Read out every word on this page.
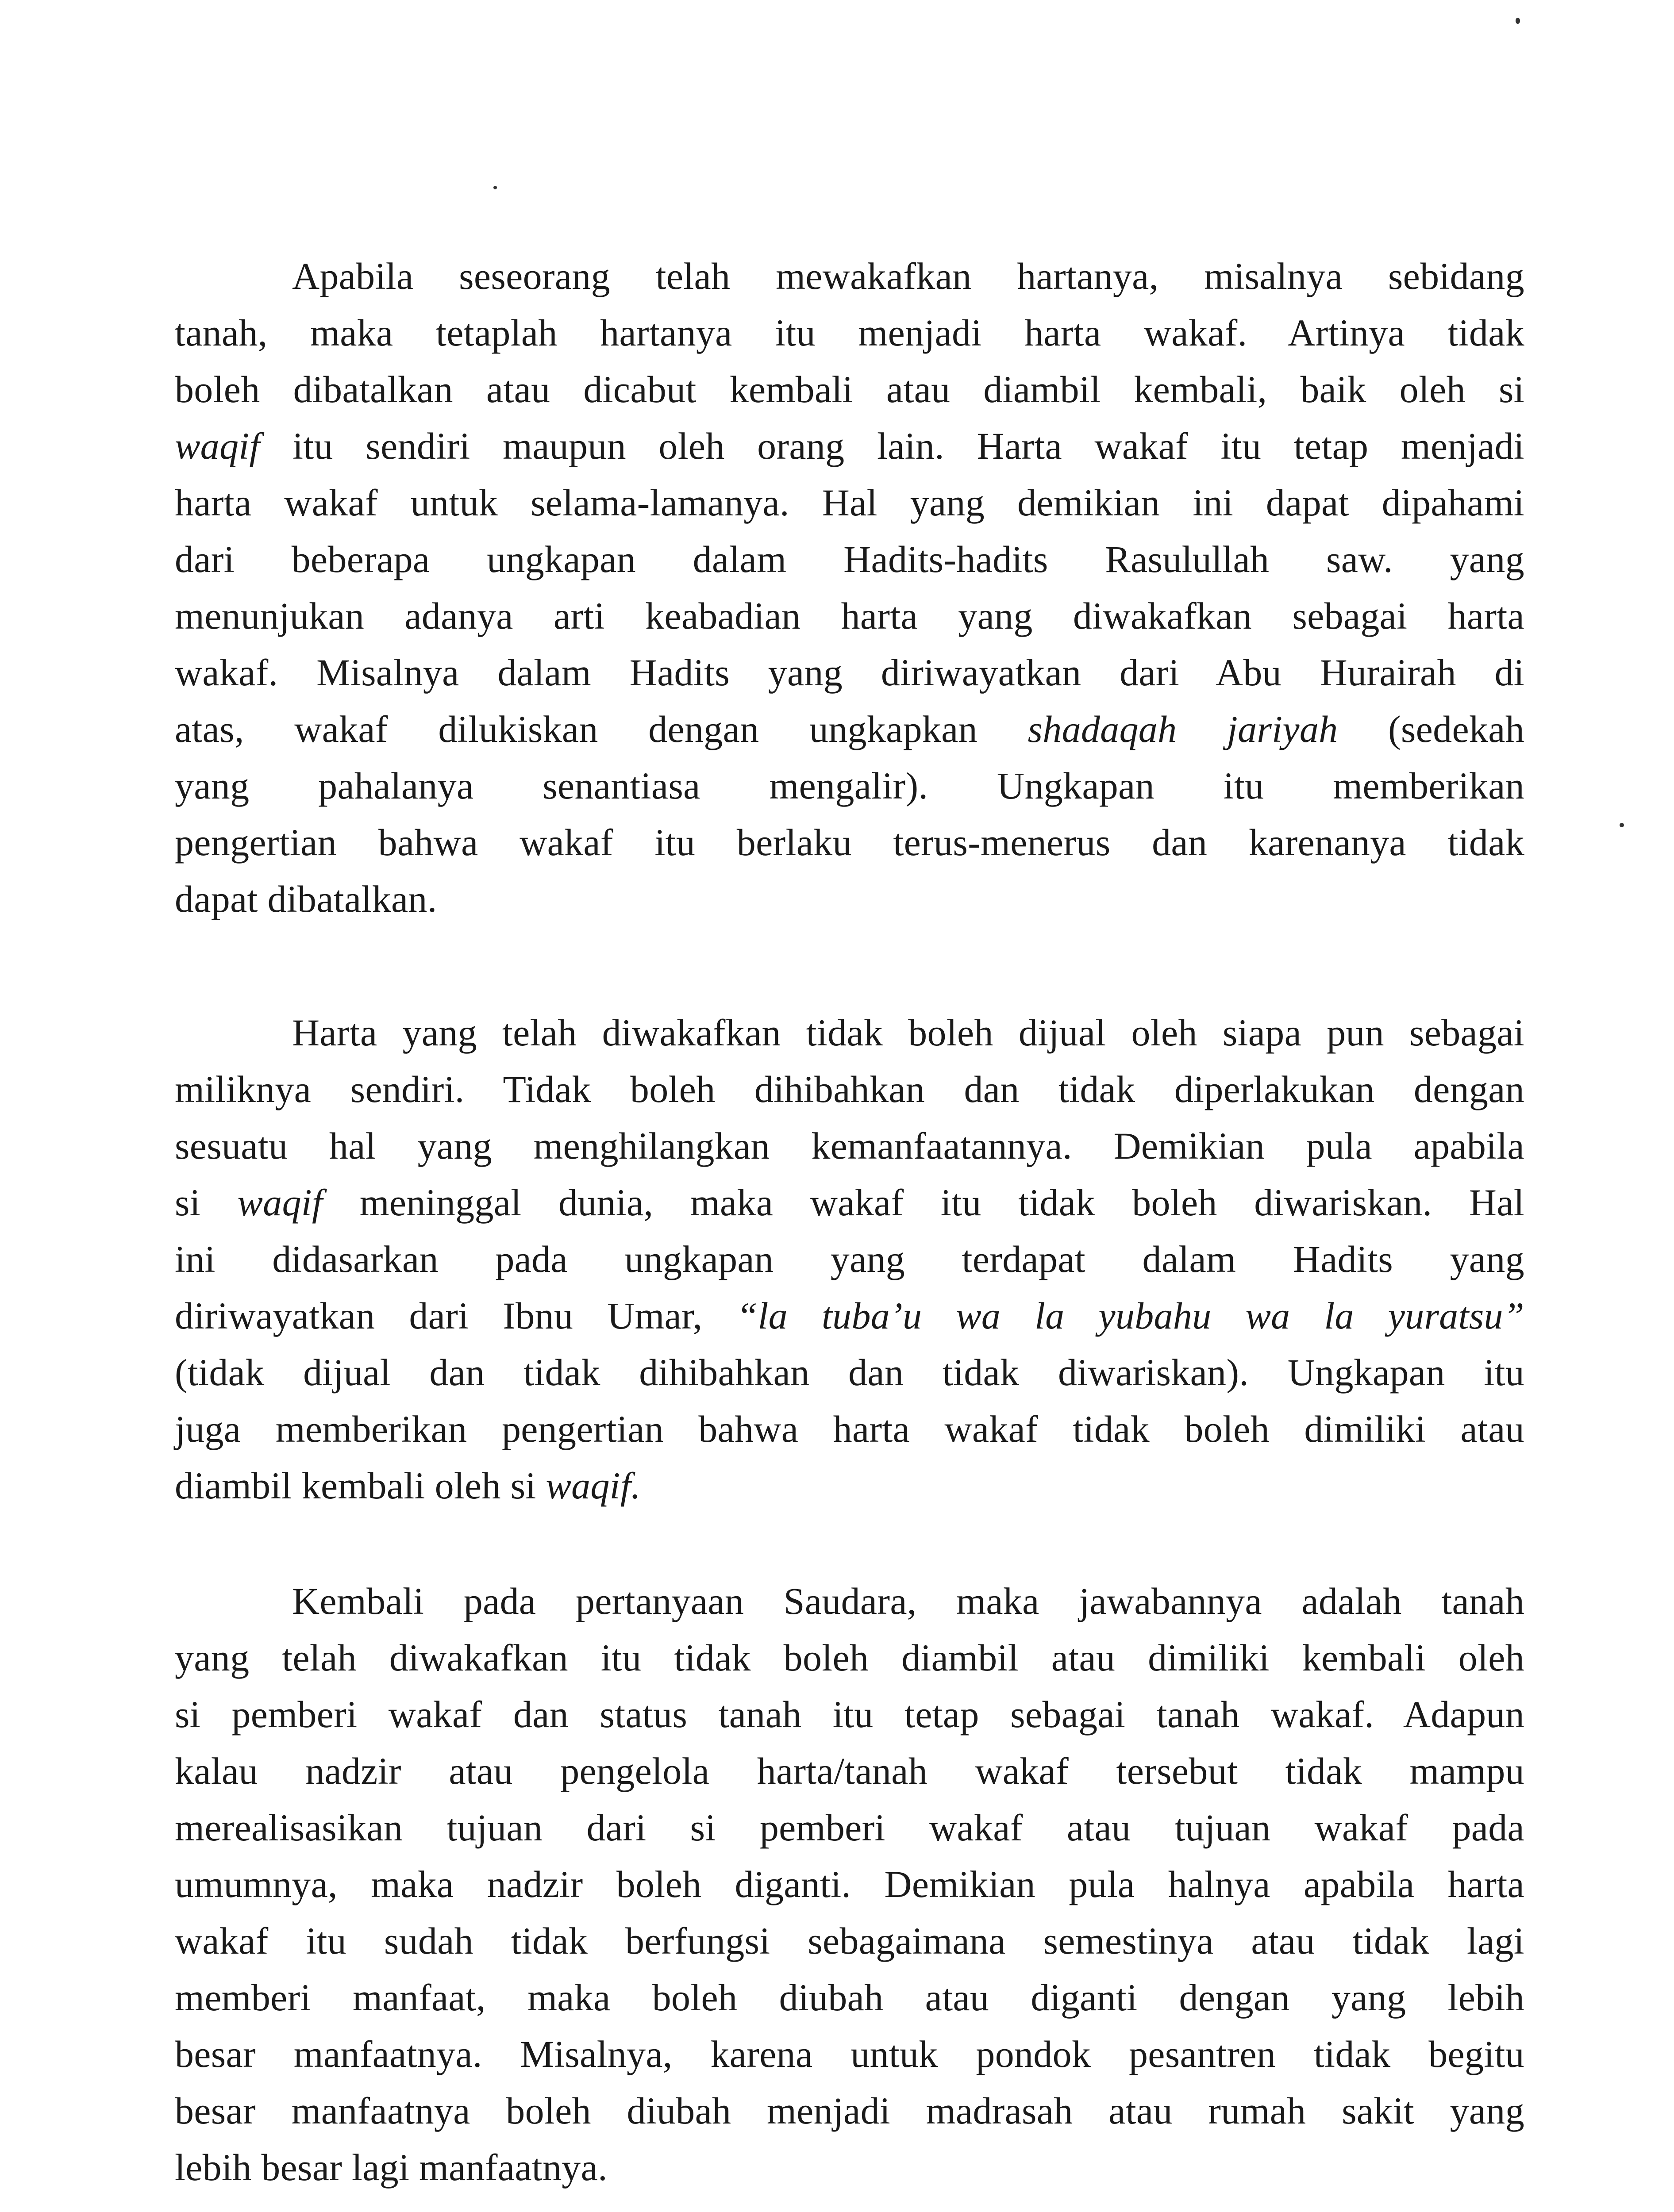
Apabila seseorang telah mewakafkan hartanya, misalnya sebidang
tanah, maka tetaplah hartanya itu menjadi harta wakaf. Artinya tidak
boleh dibatalkan atau dicabut kembali atau diambil kembali, baik oleh si
waqif itu sendiri maupun oleh orang lain. Harta wakaf itu tetap menjadi
harta wakaf untuk selama-lamanya. Hal yang demikian ini dapat dipahami
dari beberapa ungkapan dalam Hadits-hadits Rasulullah saw. yang
menunjukan adanya arti keabadian harta yang diwakafkan sebagai harta
wakaf. Misalnya dalam Hadits yang diriwayatkan dari Abu Hurairah di
atas, wakaf dilukiskan dengan ungkapkan shadaqah jariyah (sedekah
yang pahalanya senantiasa mengalir). Ungkapan itu memberikan
pengertian bahwa wakaf itu berlaku terus-menerus dan karenanya tidak
dapat dibatalkan.
Harta yang telah diwakafkan tidak boleh dijual oleh siapa pun sebagai
miliknya sendiri. Tidak boleh dihibahkan dan tidak diperlakukan dengan
sesuatu hal yang menghilangkan kemanfaatannya. Demikian pula apabila
si waqif meninggal dunia, maka wakaf itu tidak boleh diwariskan. Hal
ini didasarkan pada ungkapan yang terdapat dalam Hadits yang
diriwayatkan dari Ibnu Umar, “la tuba’u wa la yubahu wa la yuratsu”
(tidak dijual dan tidak dihibahkan dan tidak diwariskan). Ungkapan itu
juga memberikan pengertian bahwa harta wakaf tidak boleh dimiliki atau
diambil kembali oleh si waqif.
Kembali pada pertanyaan Saudara, maka jawabannya adalah tanah
yang telah diwakafkan itu tidak boleh diambil atau dimiliki kembali oleh
si pemberi wakaf dan status tanah itu tetap sebagai tanah wakaf. Adapun
kalau nadzir atau pengelola harta/tanah wakaf tersebut tidak mampu
merealisasikan tujuan dari si pemberi wakaf atau tujuan wakaf pada
umumnya, maka nadzir boleh diganti. Demikian pula halnya apabila harta
wakaf itu sudah tidak berfungsi sebagaimana semestinya atau tidak lagi
memberi manfaat, maka boleh diubah atau diganti dengan yang lebih
besar manfaatnya. Misalnya, karena untuk pondok pesantren tidak begitu
besar manfaatnya boleh diubah menjadi madrasah atau rumah sakit yang
lebih besar lagi manfaatnya.
